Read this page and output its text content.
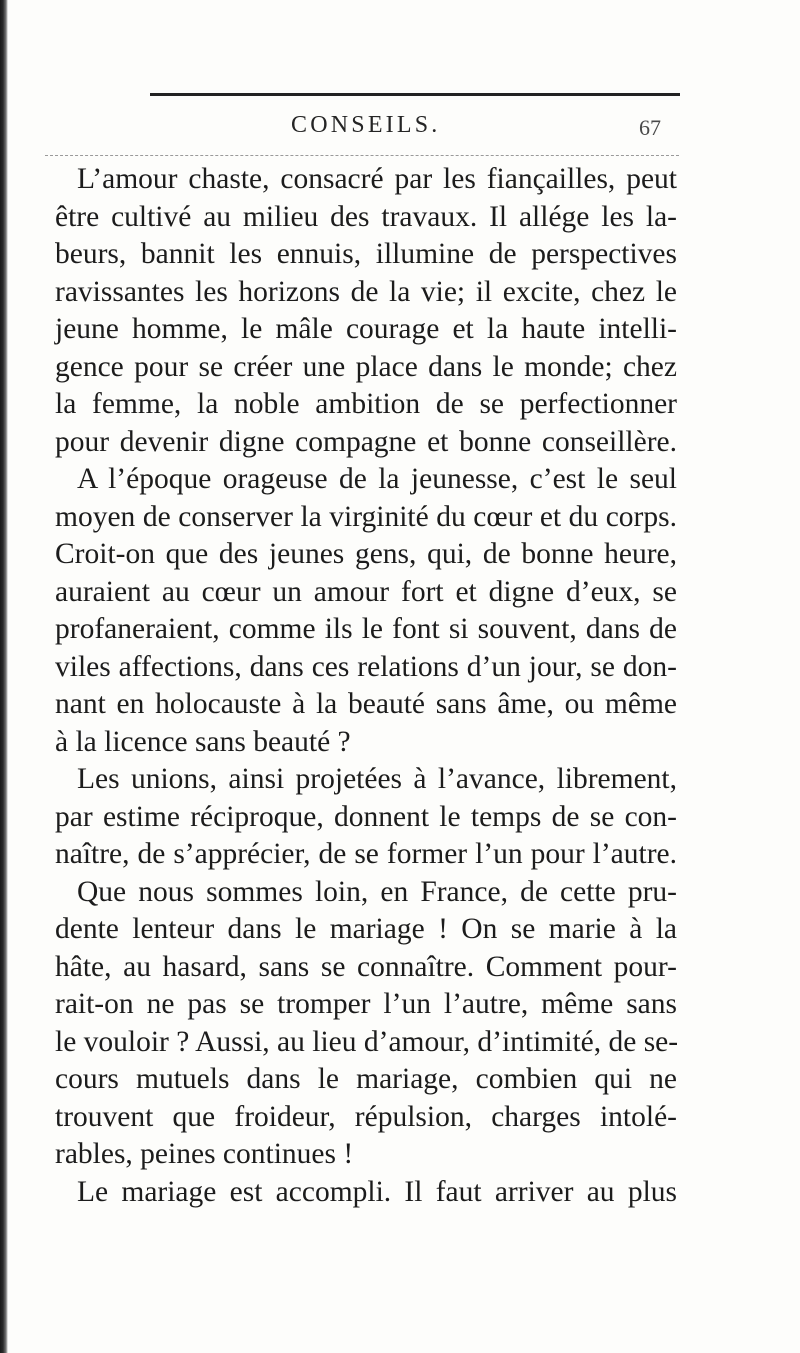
CONSEILS.	67
L’amour chaste, consacré par les fiançailles, peut
être cultivé au milieu des travaux. Il allége les la-
beurs, bannit les ennuis, illumine de perspectives
ravissantes les horizons de la vie; il excite, chez le
jeune homme, le mâle courage et la haute intelli-
gence pour se créer une place dans le monde; chez
la femme, la noble ambition de se perfectionner
pour devenir digne compagne et bonne conseillère.
A l’époque orageuse de la jeunesse, c’est le seul
moyen de conserver la virginité du cœur et du corps.
Croit-on que des jeunes gens, qui, de bonne heure,
auraient au cœur un amour fort et digne d’eux, se
profaneraient, comme ils le font si souvent, dans de
viles affections, dans ces relations d’un jour, se don-
nant en holocauste à la beauté sans âme, ou même
à la licence sans beauté ?
Les unions, ainsi projetées à l’avance, librement,
par estime réciproque, donnent le temps de se con-
naître, de s’apprécier, de se former l’un pour l’autre.
Que nous sommes loin, en France, de cette pru-
dente lenteur dans le mariage ! On se marie à la
hâte, au hasard, sans se connaître. Comment pour-
rait-on ne pas se tromper l’un l’autre, même sans
le vouloir ? Aussi, au lieu d’amour, d’intimité, de se-
cours mutuels dans le mariage, combien qui ne
trouvent que froideur, répulsion, charges intolé-
rables, peines continues !
Le mariage est accompli. Il faut arriver au plus
